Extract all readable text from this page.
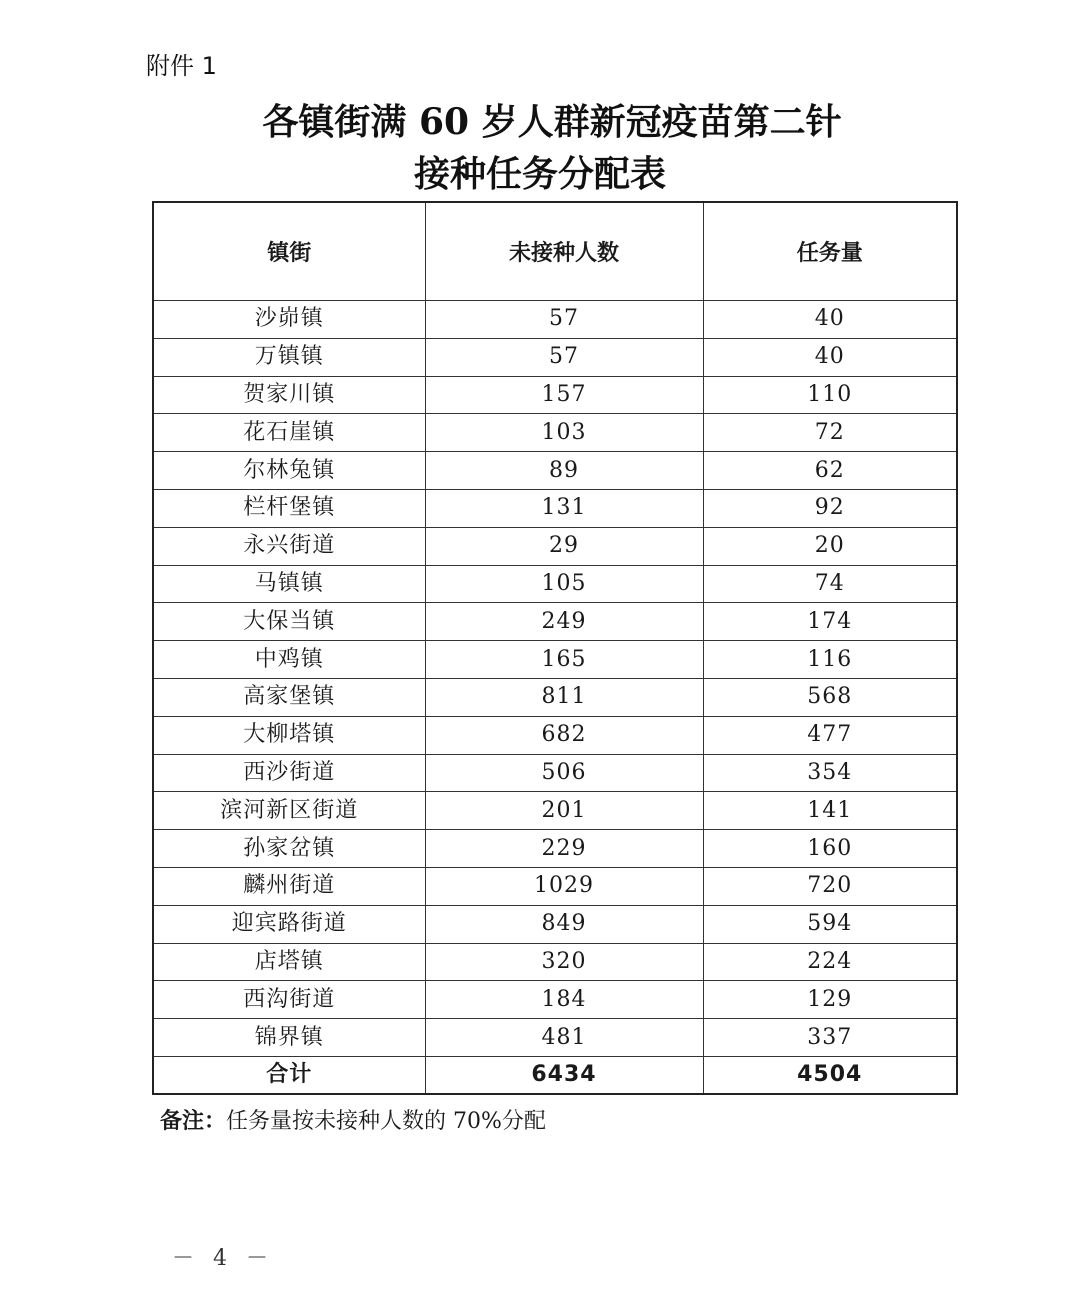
附件 1
各镇街满 60 岁人群新冠疫苗第二针
接种任务分配表
镇街	未接种人数	任务量
沙峁镇	57	40
万镇镇	57	40
贺家川镇	157	110
花石崖镇	103	72
尔林兔镇	89	62
栏杆堡镇	131	92
永兴街道	29	20
马镇镇	105	74
大保当镇	249	174
中鸡镇	165	116
高家堡镇	811	568
大柳塔镇	682	477
西沙街道	506	354
滨河新区街道	201	141
孙家岔镇	229	160
麟州街道	1029	720
迎宾路街道	849	594
店塔镇	320	224
西沟街道	184	129
锦界镇	481	337
合计	6434	4504
备注：任务量按未接种人数的 70%分配
－ 4 －
